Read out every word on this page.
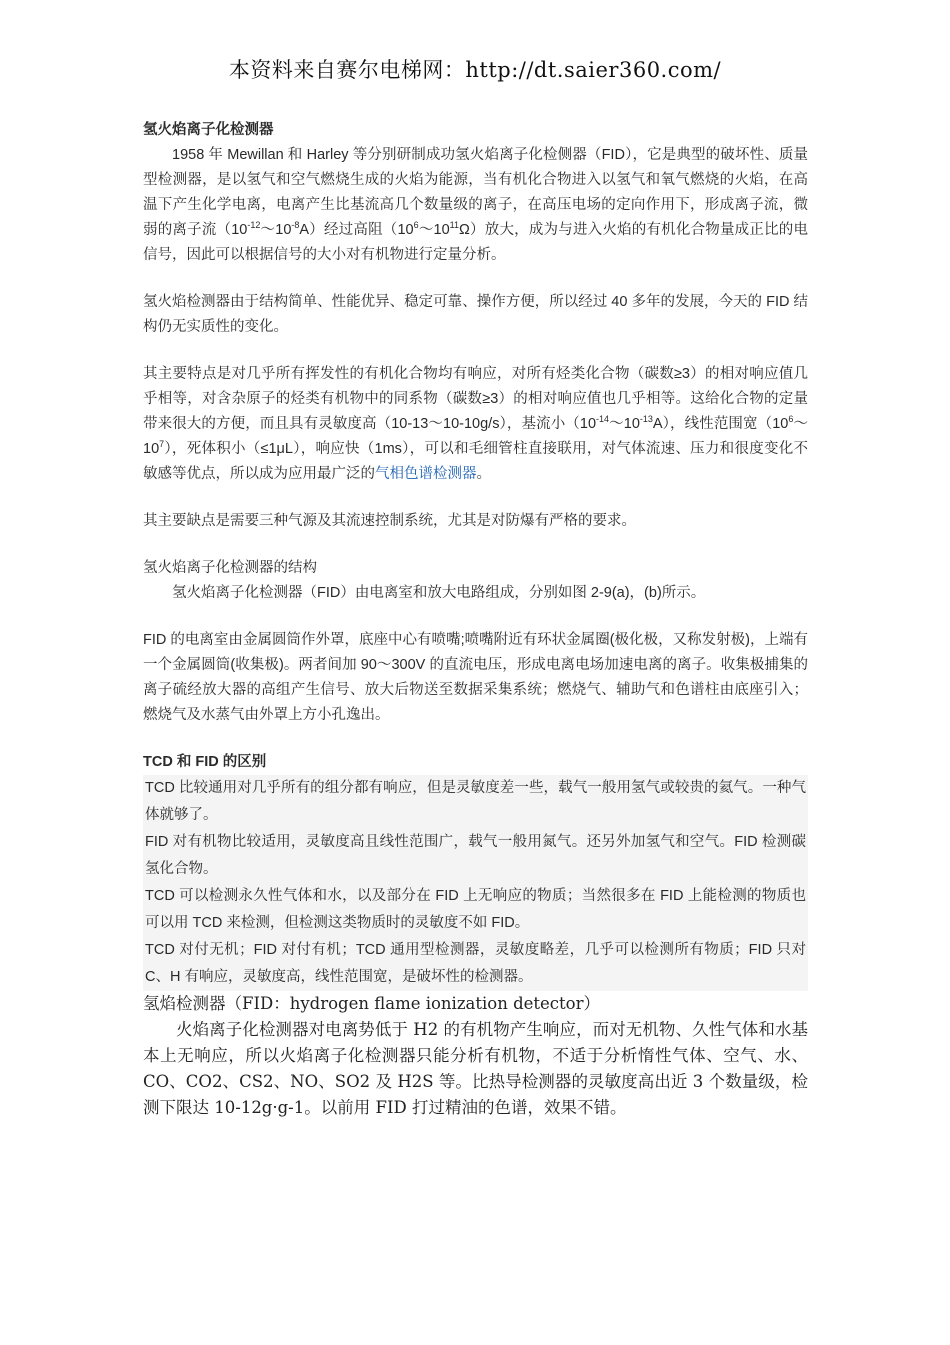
本资料来自赛尔电梯网：http://dt.saier360.com/

氢火焰离子化检测器

1958 年 Mewillan 和 Harley 等分别研制成功氢火焰离子化检侧器（FID），它是典型的破坏性、质量型检测器，是以氢气和空气燃烧生成的火焰为能源，当有机化合物进入以氢气和氧气燃烧的火焰，在高温下产生化学电离，电离产生比基流高几个数量级的离子，在高压电场的定向作用下，形成离子流，微弱的离子流$(10^{-12}\sim 10^{-8}A)$经过高阻$(10^6\sim 10^{11}\Omega)$放大，成为与进入火焰的有机化合物量成正比的电信号，因此可以根据信号的大小对有机物进行定量分析。

氢火焰检测器由于结构简单、性能优异、稳定可靠、操作方便，所以经过 40 多年的发展，今天的 FID 结构仍无实质性的变化。

其主要特点是对几乎所有挥发性的有机化合物均有响应，对所有烃类化合物（碳数≥3）的相对响应值几乎相等，对含杂原子的烃类有机物中的同系物（碳数≥3）的相对响应值也几乎相等。这给化合物的定量带来很大的方便，而且具有灵敏度高（10-13～10-10g/s），基流小$(10^{-14}\sim 10^{-13}A)$，线性范围宽$(10^6\sim 10^7)$，死体积小（≤1μL），响应快（1ms），可以和毛细管柱直接联用，对气体流速、压力和很度变化不敏感等优点，所以成为应用最广泛的气相色谱检测器。

其主要缺点是需要三种气源及其流速控制系统，尤其是对防爆有严格的要求。

氢火焰离子化检测器的结构

氢火焰离子化检测器（FID）由电离室和放大电路组成，分别如图 2-9(a)，(b)所示。

FID 的电离室由金属圆筒作外罩，底座中心有喷嘴;喷嘴附近有环状金属圈(极化极，又称发射极)，上端有一个金属圆筒(收集极)。两者间加 90～300V 的直流电压，形成电离电场加速电离的离子。收集极捕集的离子硫经放大器的高组产生信号、放大后物送至数据采集系统；燃烧气、辅助气和色谱柱由底座引入；燃烧气及水蒸气由外罩上方小孔逸出。

TCD 和 FID 的区别

TCD 比较通用对几乎所有的组分都有响应，但是灵敏度差一些，载气一般用氢气或较贵的氦气。一种气体就够了。

FID 对有机物比较适用，灵敏度高且线性范围广，载气一般用氮气。还另外加氢气和空气。FID 检测碳氢化合物。

TCD 可以检测永久性气体和水，以及部分在 FID 上无响应的物质；当然很多在 FID 上能检测的物质也可以用 TCD 来检测，但检测这类物质时的灵敏度不如 FID。

TCD 对付无机；FID 对付有机；TCD 通用型检测器，灵敏度略差，几乎可以检测所有物质；FID 只对 C、H 有响应，灵敏度高，线性范围宽，是破坏性的检测器。

氢焰检测器（FID：hydrogen flame ionization detector）

火焰离子化检测器对电离势低于 H2 的有机物产生响应，而对无机物、久性气体和水基本上无响应，所以火焰离子化检测器只能分析有机物，不适于分析惰性气体、空气、水、CO、CO2、CS2、NO、SO2 及 H2S 等。比热导检测器的灵敏度高出近 3 个数量级，检测下限达 10-12g·g-1。以前用 FID 打过精油的色谱，效果不错。
